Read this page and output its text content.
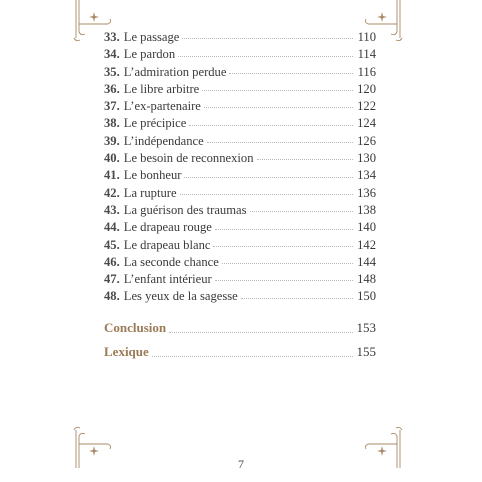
33. Le passage	110
34. Le pardon	114
35. L’admiration perdue	116
36. Le libre arbitre	120
37. L’ex-partenaire	122
38. Le précipice	124
39. L’indépendance	126
40. Le besoin de reconnexion	130
41. Le bonheur	134
42. La rupture	136
43. La guérison des traumas	138
44. Le drapeau rouge	140
45. Le drapeau blanc	142
46. La seconde chance	144
47. L’enfant intérieur	148
48. Les yeux de la sagesse	150
Conclusion	153
Lexique	155
7
